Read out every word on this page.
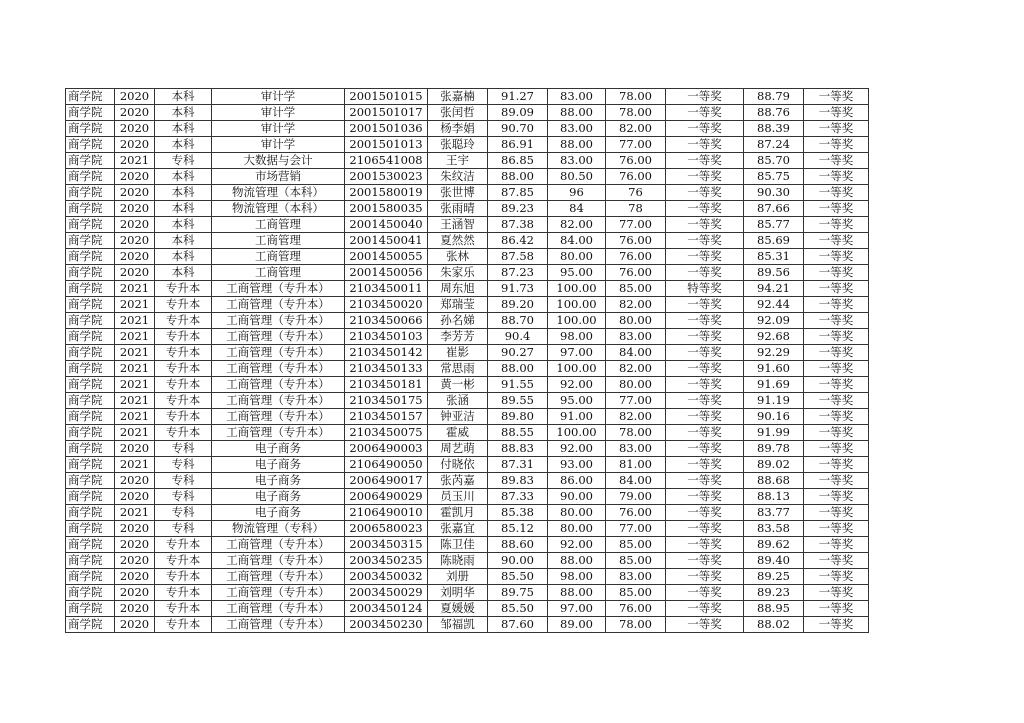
商学院	2020	本科	审计学	2001501015	张嘉楠	91.27	83.00	78.00	一等奖	88.79	一等奖
商学院	2020	本科	审计学	2001501017	张闰哲	89.09	88.00	78.00	一等奖	88.76	一等奖
商学院	2020	本科	审计学	2001501036	杨李娟	90.70	83.00	82.00	一等奖	88.39	一等奖
商学院	2020	本科	审计学	2001501013	张聪玲	86.91	88.00	77.00	一等奖	87.24	一等奖
商学院	2021	专科	大数据与会计	2106541008	王宇	86.85	83.00	76.00	一等奖	85.70	一等奖
商学院	2020	本科	市场营销	2001530023	朱纹洁	88.00	80.50	76.00	一等奖	85.75	一等奖
商学院	2020	本科	物流管理（本科）	2001580019	张世博	87.85	96	76	一等奖	90.30	一等奖
商学院	2020	本科	物流管理（本科）	2001580035	张雨晴	89.23	84	78	一等奖	87.66	一等奖
商学院	2020	本科	工商管理	2001450040	王涵智	87.38	82.00	77.00	一等奖	85.77	一等奖
商学院	2020	本科	工商管理	2001450041	夏然然	86.42	84.00	76.00	一等奖	85.69	一等奖
商学院	2020	本科	工商管理	2001450055	张林	87.58	80.00	76.00	一等奖	85.31	一等奖
商学院	2020	本科	工商管理	2001450056	朱家乐	87.23	95.00	76.00	一等奖	89.56	一等奖
商学院	2021	专升本	工商管理（专升本）	2103450011	周东旭	91.73	100.00	85.00	特等奖	94.21	一等奖
商学院	2021	专升本	工商管理（专升本）	2103450020	郑瑞莹	89.20	100.00	82.00	一等奖	92.44	一等奖
商学院	2021	专升本	工商管理（专升本）	2103450066	孙名娣	88.70	100.00	80.00	一等奖	92.09	一等奖
商学院	2021	专升本	工商管理（专升本）	2103450103	李芳芳	90.4	98.00	83.00	一等奖	92.68	一等奖
商学院	2021	专升本	工商管理（专升本）	2103450142	崔影	90.27	97.00	84.00	一等奖	92.29	一等奖
商学院	2021	专升本	工商管理（专升本）	2103450133	常思雨	88.00	100.00	82.00	一等奖	91.60	一等奖
商学院	2021	专升本	工商管理（专升本）	2103450181	黄一彬	91.55	92.00	80.00	一等奖	91.69	一等奖
商学院	2021	专升本	工商管理（专升本）	2103450175	张涵	89.55	95.00	77.00	一等奖	91.19	一等奖
商学院	2021	专升本	工商管理（专升本）	2103450157	钟亚洁	89.80	91.00	82.00	一等奖	90.16	一等奖
商学院	2021	专升本	工商管理（专升本）	2103450075	霍威	88.55	100.00	78.00	一等奖	91.99	一等奖
商学院	2020	专科	电子商务	2006490003	周艺萌	88.83	92.00	83.00	一等奖	89.78	一等奖
商学院	2021	专科	电子商务	2106490050	付晓依	87.31	93.00	81.00	一等奖	89.02	一等奖
商学院	2020	专科	电子商务	2006490017	张芮嘉	89.83	86.00	84.00	一等奖	88.68	一等奖
商学院	2020	专科	电子商务	2006490029	员玉川	87.33	90.00	79.00	一等奖	88.13	一等奖
商学院	2021	专科	电子商务	2106490010	霍凯月	85.38	80.00	76.00	一等奖	83.77	一等奖
商学院	2020	专科	物流管理（专科）	2006580023	张嘉宜	85.12	80.00	77.00	一等奖	83.58	一等奖
商学院	2020	专升本	工商管理（专升本）	2003450315	陈卫佳	88.60	92.00	85.00	一等奖	89.62	一等奖
商学院	2020	专升本	工商管理（专升本）	2003450235	陈晓雨	90.00	88.00	85.00	一等奖	89.40	一等奖
商学院	2020	专升本	工商管理（专升本）	2003450032	刘册	85.50	98.00	83.00	一等奖	89.25	一等奖
商学院	2020	专升本	工商管理（专升本）	2003450029	刘明华	89.75	88.00	85.00	一等奖	89.23	一等奖
商学院	2020	专升本	工商管理（专升本）	2003450124	夏媛媛	85.50	97.00	76.00	一等奖	88.95	一等奖
商学院	2020	专升本	工商管理（专升本）	2003450230	邹福凯	87.60	89.00	78.00	一等奖	88.02	一等奖
